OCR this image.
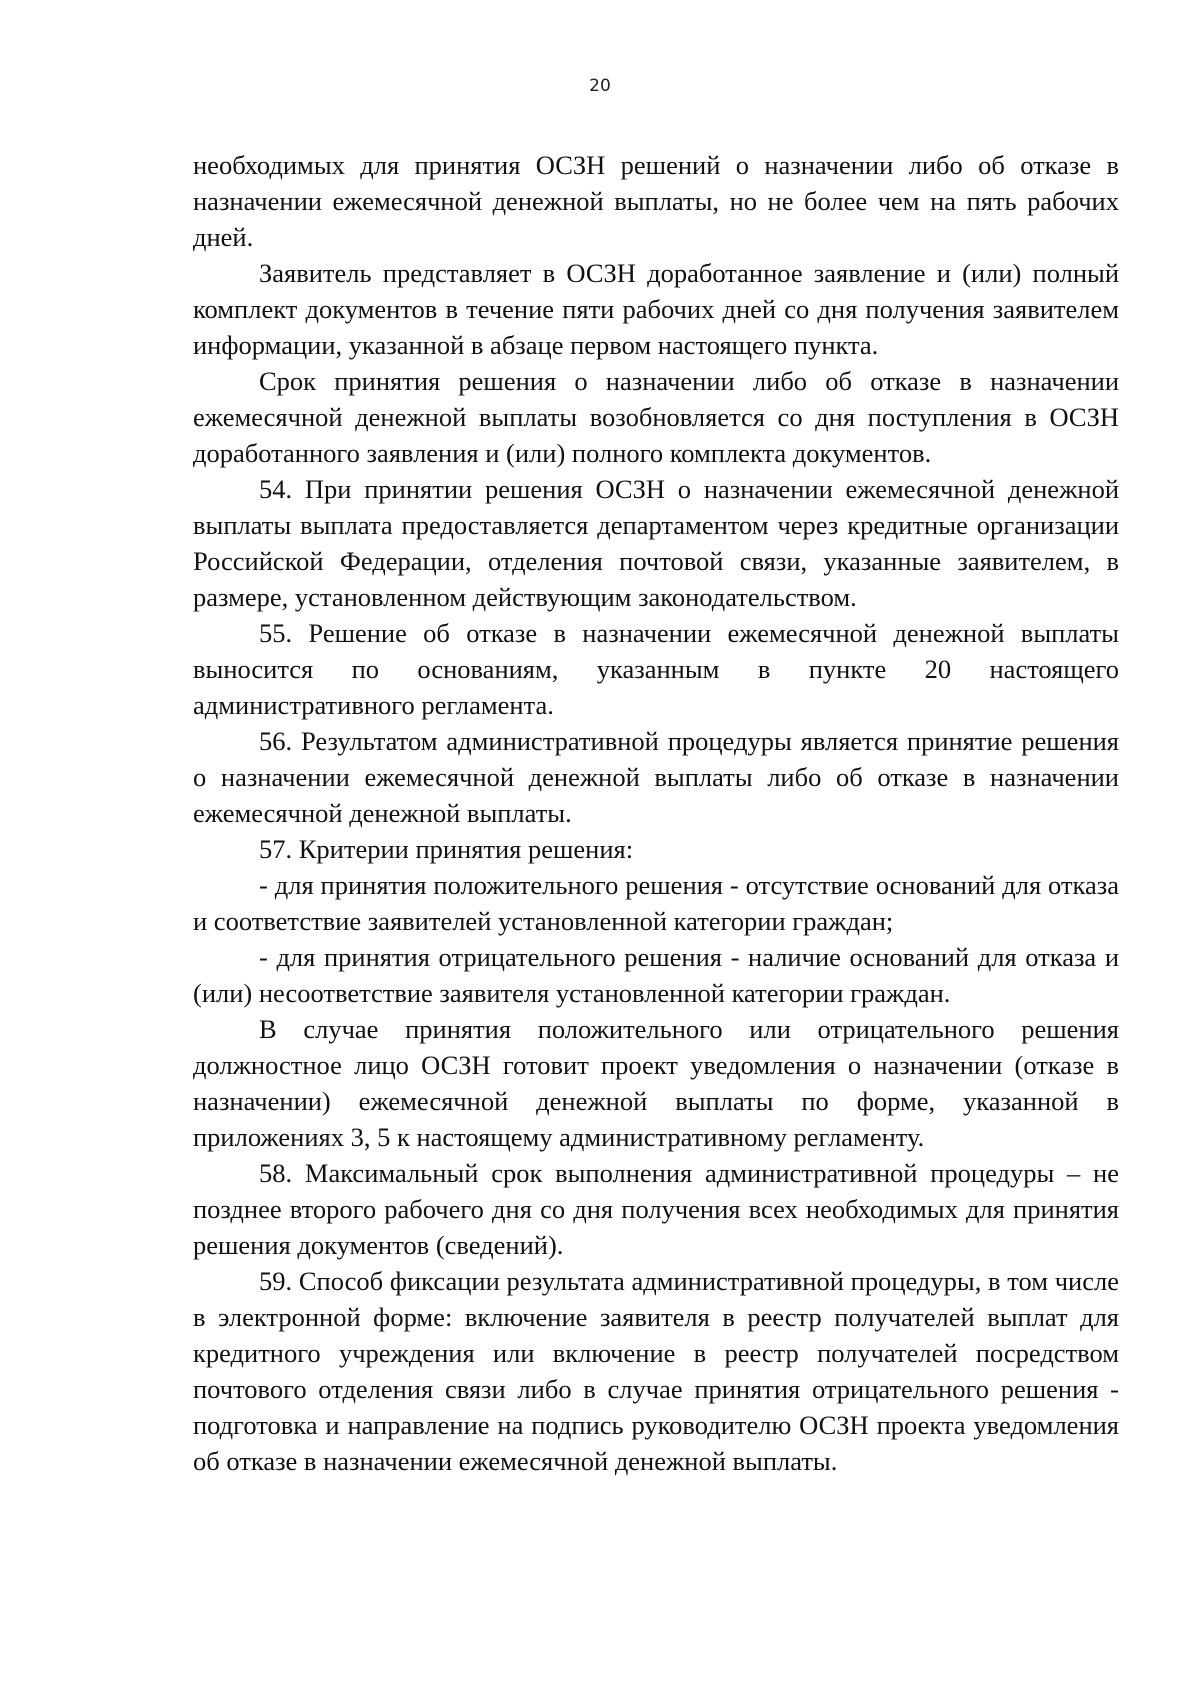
20

необходимых для принятия ОСЗН решений о назначении либо об отказе в назначении ежемесячной денежной выплаты, но не более чем на пять рабочих дней.

Заявитель представляет в ОСЗН доработанное заявление и (или) полный комплект документов в течение пяти рабочих дней со дня получения заявителем информации, указанной в абзаце первом настоящего пункта.

Срок принятия решения о назначении либо об отказе в назначении ежемесячной денежной выплаты возобновляется со дня поступления в ОСЗН доработанного заявления и (или) полного комплекта документов.

54. При принятии решения ОСЗН о назначении ежемесячной денежной выплаты выплата предоставляется департаментом через кредитные организации Российской Федерации, отделения почтовой связи, указанные заявителем, в размере, установленном действующим законодательством.

55. Решение об отказе в назначении ежемесячной денежной выплаты выносится по основаниям, указанным в пункте 20 настоящего административного регламента.

56. Результатом административной процедуры является принятие решения о назначении ежемесячной денежной выплаты либо об отказе в назначении ежемесячной денежной выплаты.

57. Критерии принятия решения:

- для принятия положительного решения - отсутствие оснований для отказа и соответствие заявителей установленной категории граждан;

- для принятия отрицательного решения - наличие оснований для отказа и (или) несоответствие заявителя установленной категории граждан.

В случае принятия положительного или отрицательного решения должностное лицо ОСЗН готовит проект уведомления о назначении (отказе в назначении) ежемесячной денежной выплаты по форме, указанной в приложениях 3, 5 к настоящему административному регламенту.

58. Максимальный срок выполнения административной процедуры – не позднее второго рабочего дня со дня получения всех необходимых для принятия решения документов (сведений).

59. Способ фиксации результата административной процедуры, в том числе в электронной форме: включение заявителя в реестр получателей выплат для кредитного учреждения или включение в реестр получателей посредством почтового отделения связи либо в случае принятия отрицательного решения - подготовка и направление на подпись руководителю ОСЗН проекта уведомления об отказе в назначении ежемесячной денежной выплаты.
